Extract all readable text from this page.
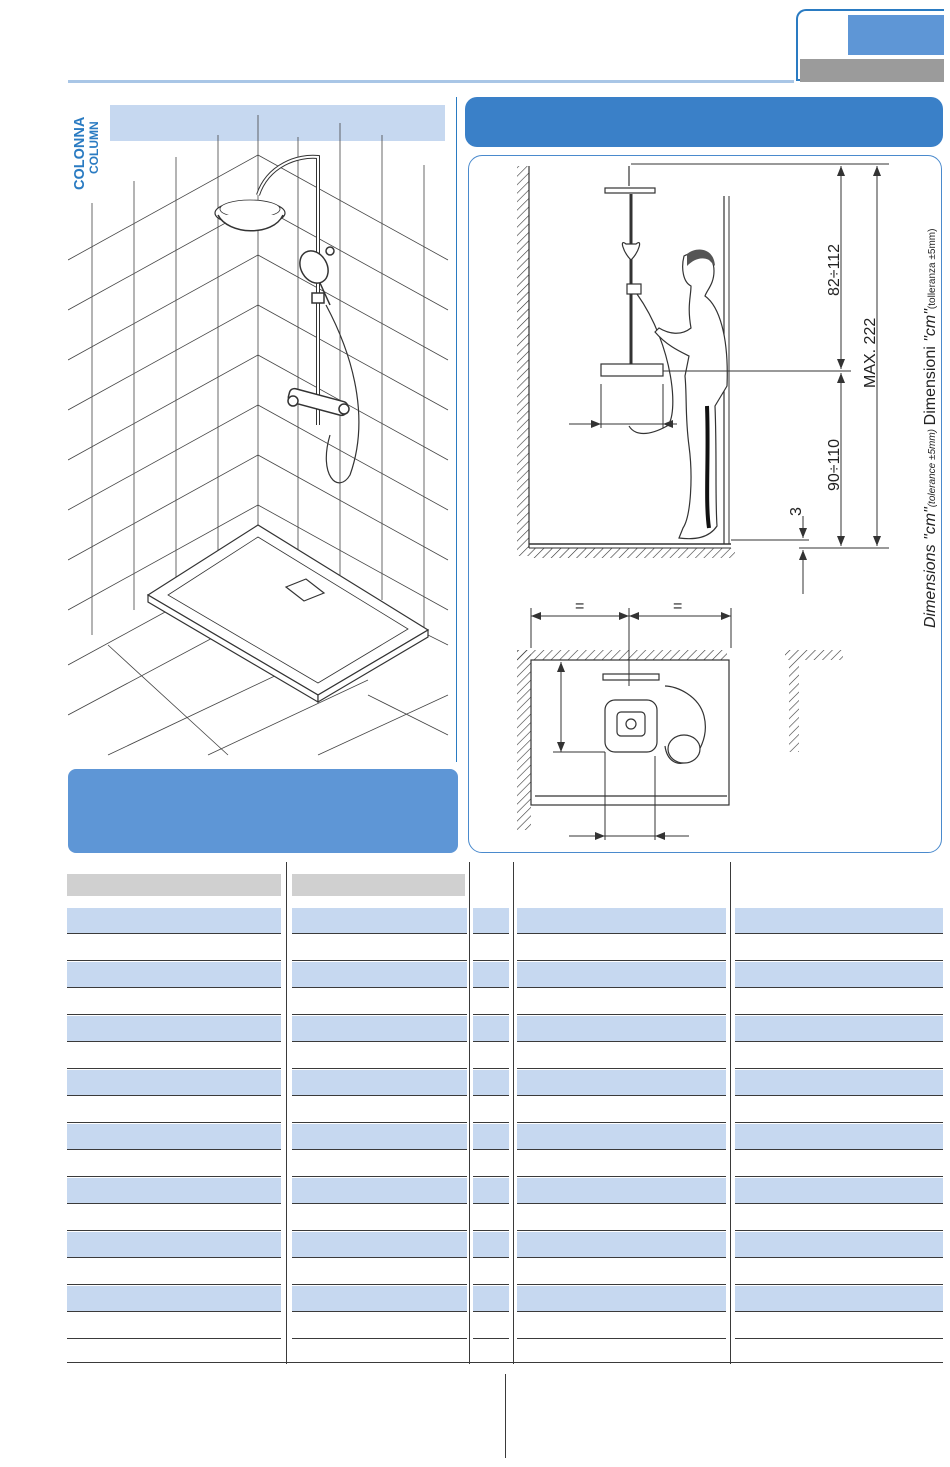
COLONNA COLUMN
82÷112
MAX. 222
90÷110
3
=	=	Dimensions "cm"(tolerance ±5mm) Dimensioni "cm"(tolleranza ±5mm)
